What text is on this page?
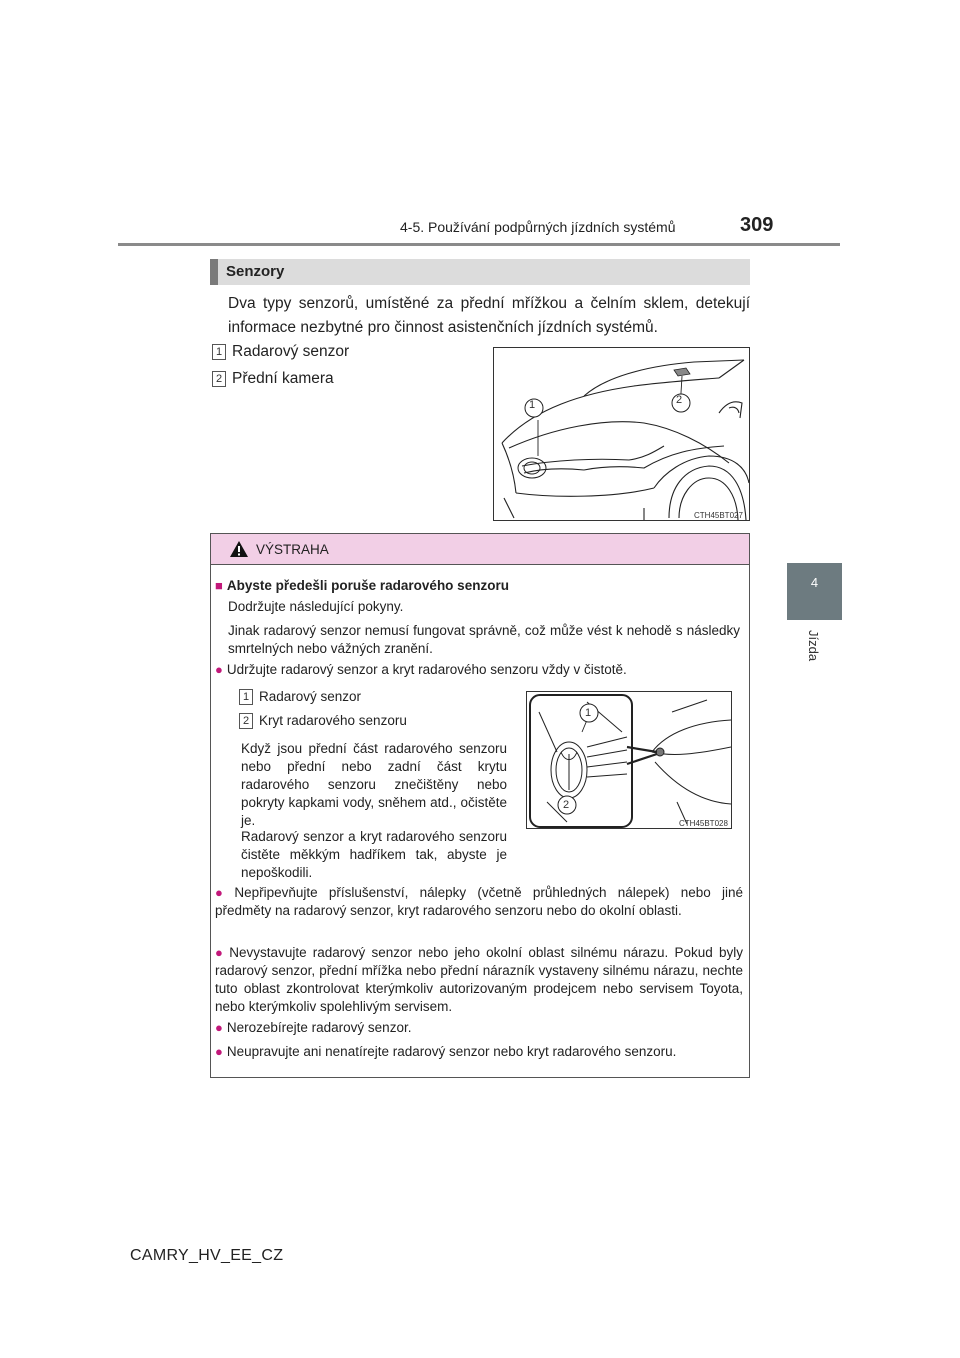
4-5. Používání podpůrných jízdních systémů	309
4
Jízda
Senzory
Dva typy senzorů, umístěné za přední mřížkou a čelním sklem, detekují informace nezbytné pro činnost asistenčních jízdních systémů.
1 Radarový senzor
2 Přední kamera
1	2
CTH45BT027
VÝSTRAHA
■ Abyste předešli poruše radarového senzoru
Dodržujte následující pokyny.
Jinak radarový senzor nemusí fungovat správně, což může vést k nehodě s následky smrtelných nebo vážných zranění.
● Udržujte radarový senzor a kryt radarového senzoru vždy v čistotě.
1 Radarový senzor
2 Kryt radarového senzoru
Když jsou přední část radarového senzoru nebo přední nebo zadní část krytu radarového senzoru znečištěny nebo pokryty kapkami vody, sněhem atd., očistěte je.
Radarový senzor a kryt radarového senzoru čistěte měkkým hadříkem tak, abyste je nepoškodili.
● Nepřipevňujte příslušenství, nálepky (včetně průhledných nálepek) nebo jiné předměty na radarový senzor, kryt radarového senzoru nebo do okolní oblasti.
● Nevystavujte radarový senzor nebo jeho okolní oblast silnému nárazu. Pokud byly radarový senzor, přední mřížka nebo přední nárazník vystaveny silnému nárazu, nechte tuto oblast zkontrolovat kterýmkoliv autorizovaným prodejcem nebo servisem Toyota, nebo kterýmkoliv spolehlivým servisem.
● Nerozebírejte radarový senzor.
● Neupravujte ani nenatírejte radarový senzor nebo kryt radarového senzoru.
1
2
CTH45BT028
CAMRY_HV_EE_CZ
